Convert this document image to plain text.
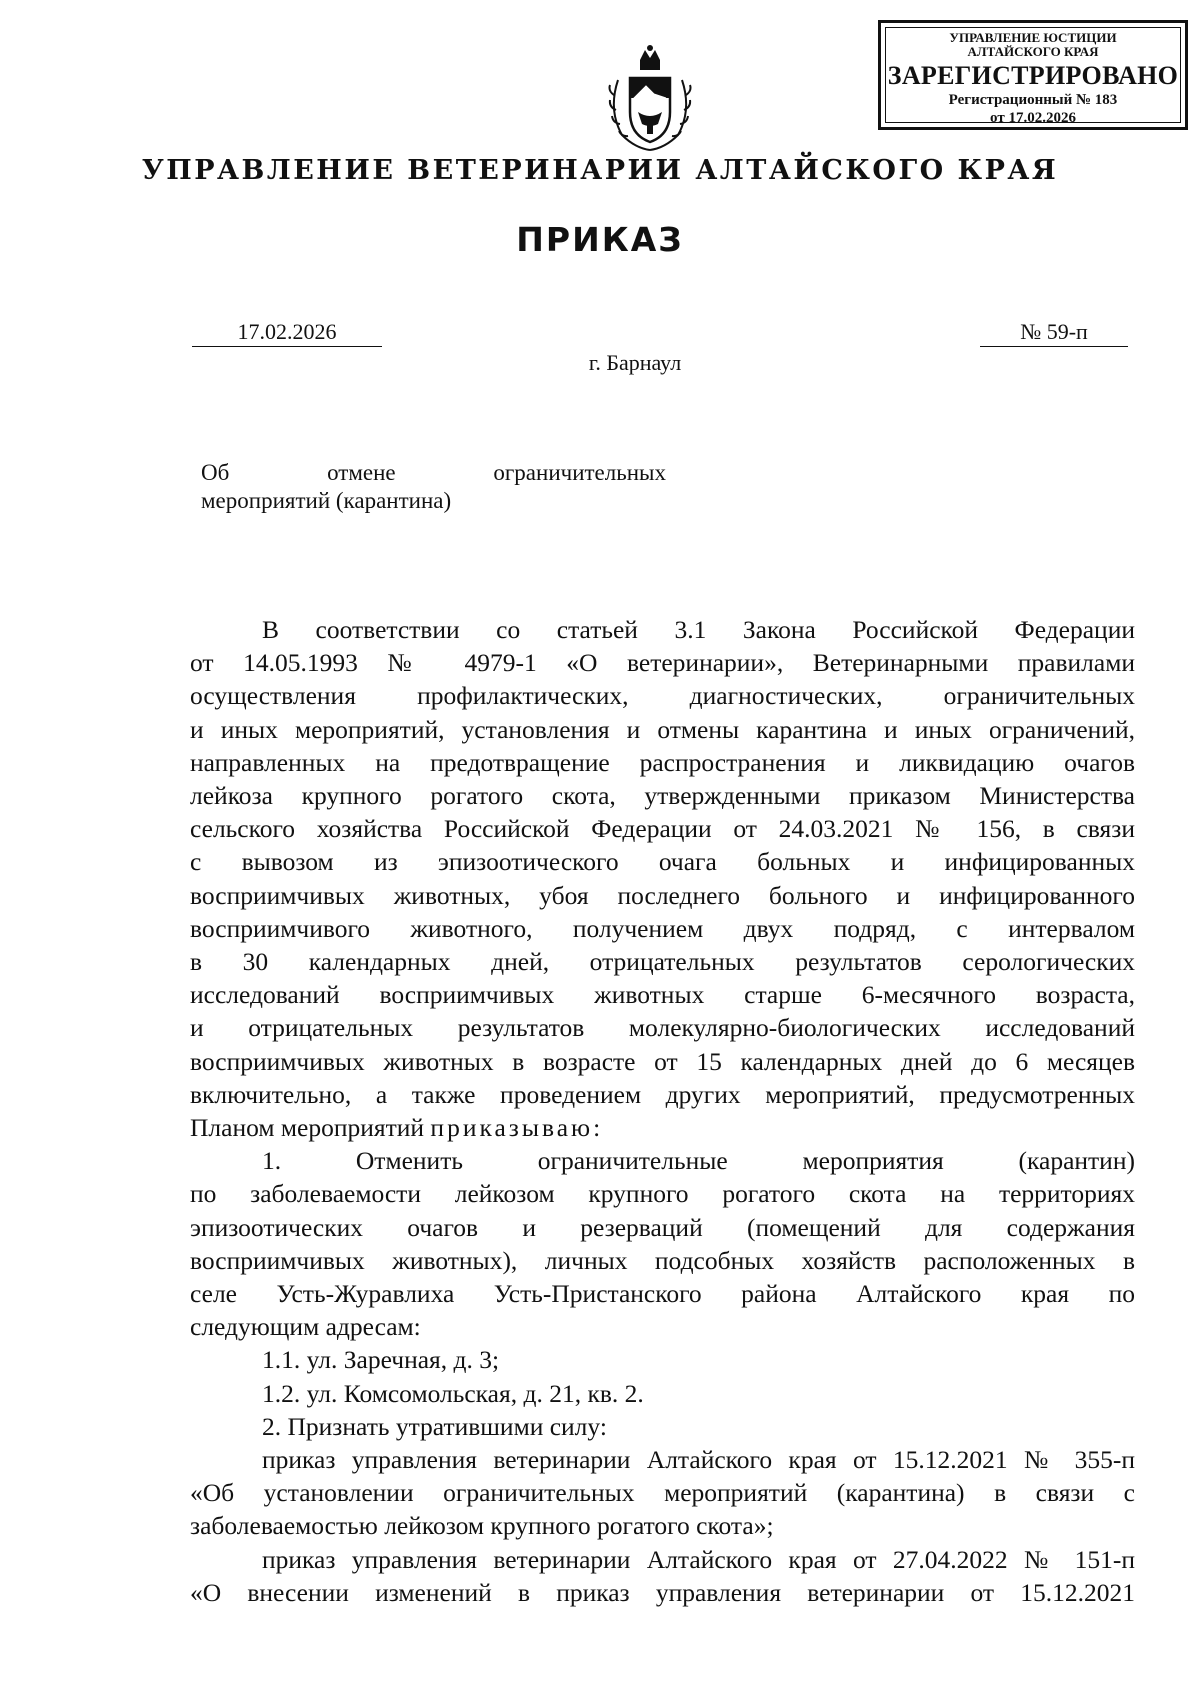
УПРАВЛЕНИЕ ЮСТИЦИИ
АЛТАЙСКОГО КРАЯ
ЗАРЕГИСТРИРОВАНО
Регистрационный № 183
от 17.02.2026
УПРАВЛЕНИЕ ВЕТЕРИНАРИИ АЛТАЙСКОГО КРАЯ
ПРИКАЗ
17.02.2026	№ 59-п
г. Барнаул
Об	отмене	ограничительных
мероприятий (карантина)

В соответствии со статьей 3.1 Закона Российской Федерации

от 14.05.1993 № 4979-1 «О ветеринарии», Ветеринарными правилами

осуществления профилактических, диагностических, ограничительных

и иных мероприятий, установления и отмены карантина и иных ограничений,

направленных на предотвращение распространения и ликвидацию очагов

лейкоза крупного рогатого скота, утвержденными приказом Министерства

сельского хозяйства Российской Федерации от 24.03.2021 № 156, в связи

с вывозом из эпизоотического очага больных и инфицированных

восприимчивых животных, убоя последнего больного и инфицированного

восприимчивого животного, получением двух подряд, с интервалом

в 30 календарных дней, отрицательных результатов серологических

исследований восприимчивых животных старше 6-месячного возраста,

и отрицательных результатов молекулярно-биологических исследований

восприимчивых животных в возрасте от 15 календарных дней до 6 месяцев

включительно, а также проведением других мероприятий, предусмотренных

Планом мероприятий приказываю:

1.	Отменить	ограничительные	мероприятия	(карантин)

по заболеваемости лейкозом крупного рогатого скота на территориях

эпизоотических очагов и резерваций (помещений для содержания

восприимчивых животных), личных подсобных хозяйств расположенных в

селе Усть-Журавлиха Усть-Пристанского района Алтайского края по

следующим адресам:

1.1. ул. Заречная, д. 3;

1.2. ул. Комсомольская, д. 21, кв. 2.

2. Признать утратившими силу:

приказ управления ветеринарии Алтайского края от 15.12.2021 № 355-п

«Об установлении ограничительных мероприятий (карантина) в связи с

заболеваемостью лейкозом крупного рогатого скота»;

приказ управления ветеринарии Алтайского края от 27.04.2022 № 151-п

«О внесении изменений в приказ управления ветеринарии от 15.12.2021
